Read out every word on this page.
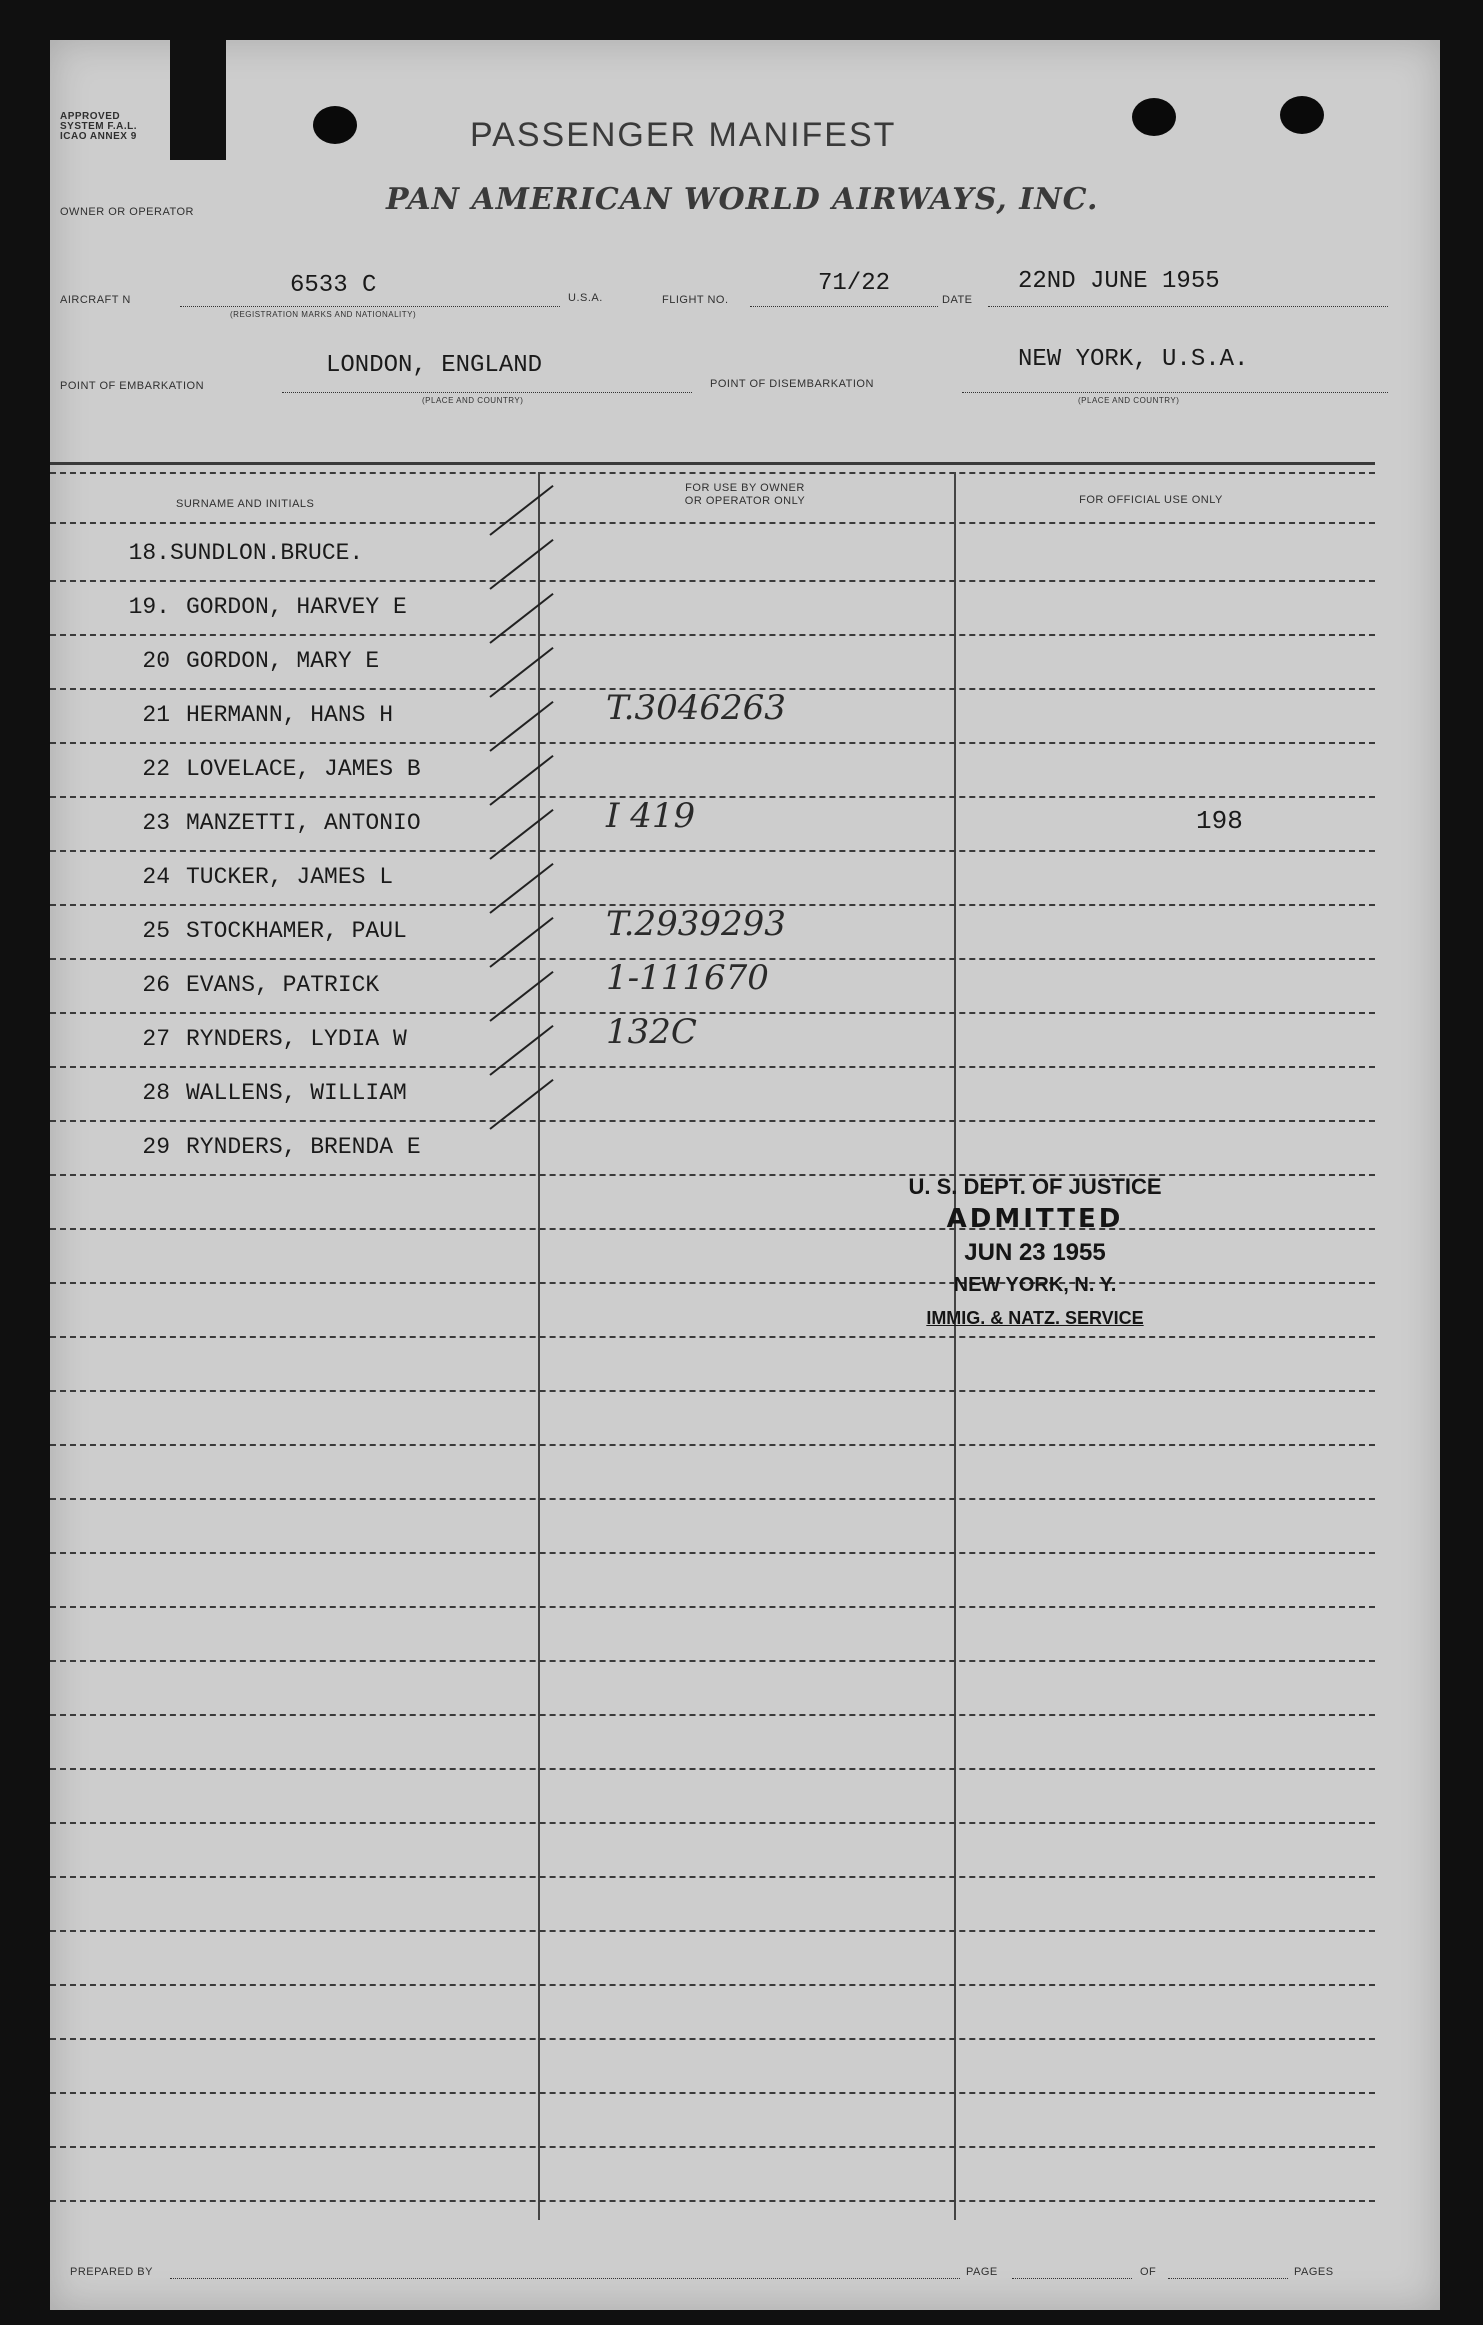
APPROVED
SYSTEM F.A.L.
ICAO ANNEX 9	PASSENGER MANIFEST
OWNER OR OPERATOR	PAN AMERICAN WORLD AIRWAYS, INC.
AIRCRAFT N
6533 C
(REGISTRATION MARKS AND NATIONALITY)
U.S.A.	FLIGHT NO.
71/22
DATE
22ND JUNE 1955
POINT OF EMBARKATION
LONDON, ENGLAND
(PLACE AND COUNTRY)
POINT OF DISEMBARKATION
NEW YORK, U.S.A.
(PLACE AND COUNTRY)
SURNAME AND INITIALS
FOR USE BY OWNER
OR OPERATOR ONLY	FOR OFFICIAL USE ONLY
18. SUNDLON.BRUCE.
19. GORDON, HARVEY E
20 GORDON, MARY E
21 HERMANN, HANS H	T.3046263
22 LOVELACE, JAMES B
23 MANZETTI, ANTONIO	I 419	198
24 TUCKER, JAMES L
25 STOCKHAMER, PAUL	T.2939293
26 EVANS, PATRICK	1-111670
27 RYNDERS, LYDIA W	132C
28 WALLENS, WILLIAM
29 RYNDERS, BRENDA E
U. S. DEPT. OF JUSTICE
ADMITTED
JUN 23 1955
NEW YORK, N. Y.
IMMIG. & NATZ. SERVICE
PREPARED BY	PAGE	OF	PAGES
